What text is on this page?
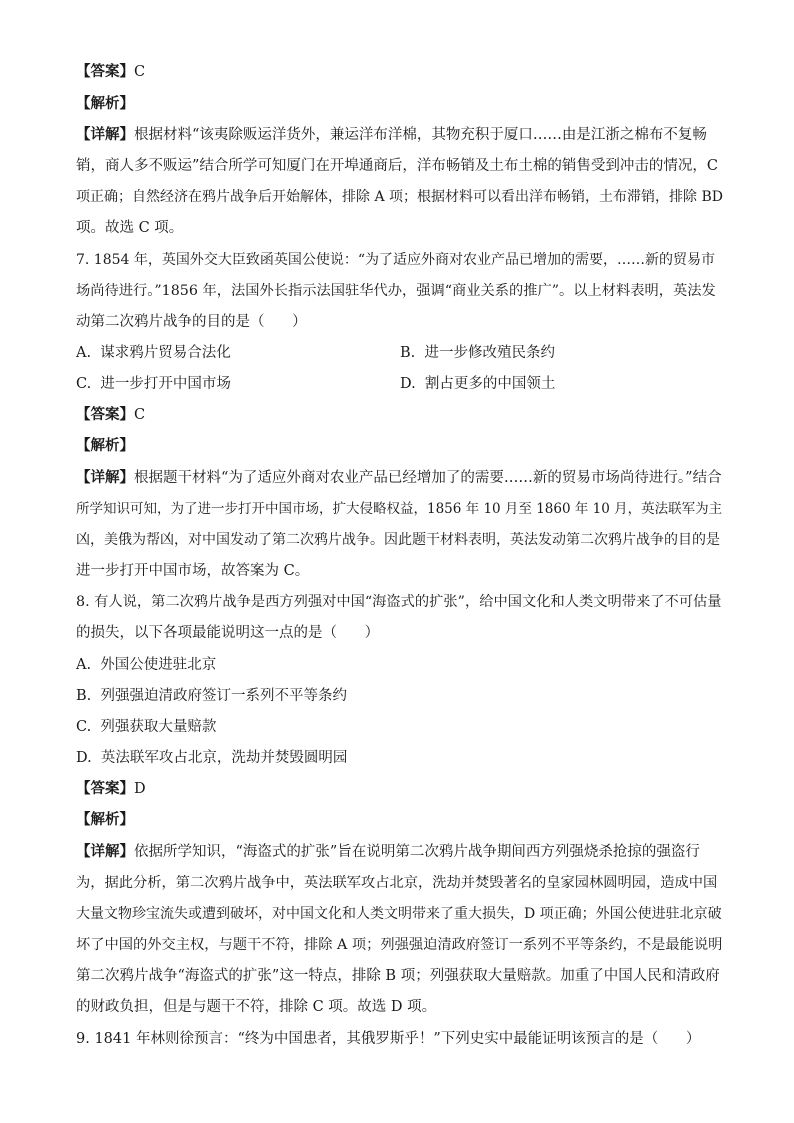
【答案】C
【解析】
【详解】根据材料“该夷除贩运洋货外，兼运洋布洋棉，其物充积于厦口……由是江浙之棉布不复畅
销，商人多不贩运”结合所学可知厦门在开埠通商后，洋布畅销及土布土棉的销售受到冲击的情况，C
项正确；自然经济在鸦片战争后开始解体，排除 A 项；根据材料可以看出洋布畅销，土布滞销，排除 BD
项。故选 C 项。
7. 1854 年，英国外交大臣致函英国公使说：“为了适应外商对农业产品已增加的需要，……新的贸易市
场尚待进行。”1856 年，法国外长指示法国驻华代办，强调“商业关系的推广”。以上材料表明，英法发
动第二次鸦片战争的目的是（      ）
A.  谋求鸦片贸易合法化	B.  进一步修改殖民条约
C.  进一步打开中国市场	D.  割占更多的中国领土
【答案】C
【解析】
【详解】根据题干材料“为了适应外商对农业产品已经增加了的需要……新的贸易市场尚待进行。”结合
所学知识可知，为了进一步打开中国市场，扩大侵略权益，1856 年 10 月至 1860 年 10 月，英法联军为主
凶，美俄为帮凶，对中国发动了第二次鸦片战争。因此题干材料表明，英法发动第二次鸦片战争的目的是
进一步打开中国市场，故答案为 C。
8. 有人说，第二次鸦片战争是西方列强对中国“海盗式的扩张”，给中国文化和人类文明带来了不可估量
的损失，以下各项最能说明这一点的是（      ）
A.  外国公使进驻北京
B.  列强强迫清政府签订一系列不平等条约
C.  列强获取大量赔款
D.  英法联军攻占北京，洗劫并焚毁圆明园
【答案】D
【解析】
【详解】依据所学知识，“海盗式的扩张”旨在说明第二次鸦片战争期间西方列强烧杀抢掠的强盗行
为，据此分析，第二次鸦片战争中，英法联军攻占北京，洗劫并焚毁著名的皇家园林圆明园，造成中国
大量文物珍宝流失或遭到破坏，对中国文化和人类文明带来了重大损失，D 项正确；外国公使进驻北京破
坏了中国的外交主权，与题干不符，排除 A 项；列强强迫清政府签订一系列不平等条约，不是最能说明
第二次鸦片战争“海盗式的扩张”这一特点，排除 B 项；列强获取大量赔款。加重了中国人民和清政府
的财政负担，但是与题干不符，排除 C 项。故选 D 项。
9. 1841 年林则徐预言：“终为中国患者，其俄罗斯乎！”下列史实中最能证明该预言的是（      ）
